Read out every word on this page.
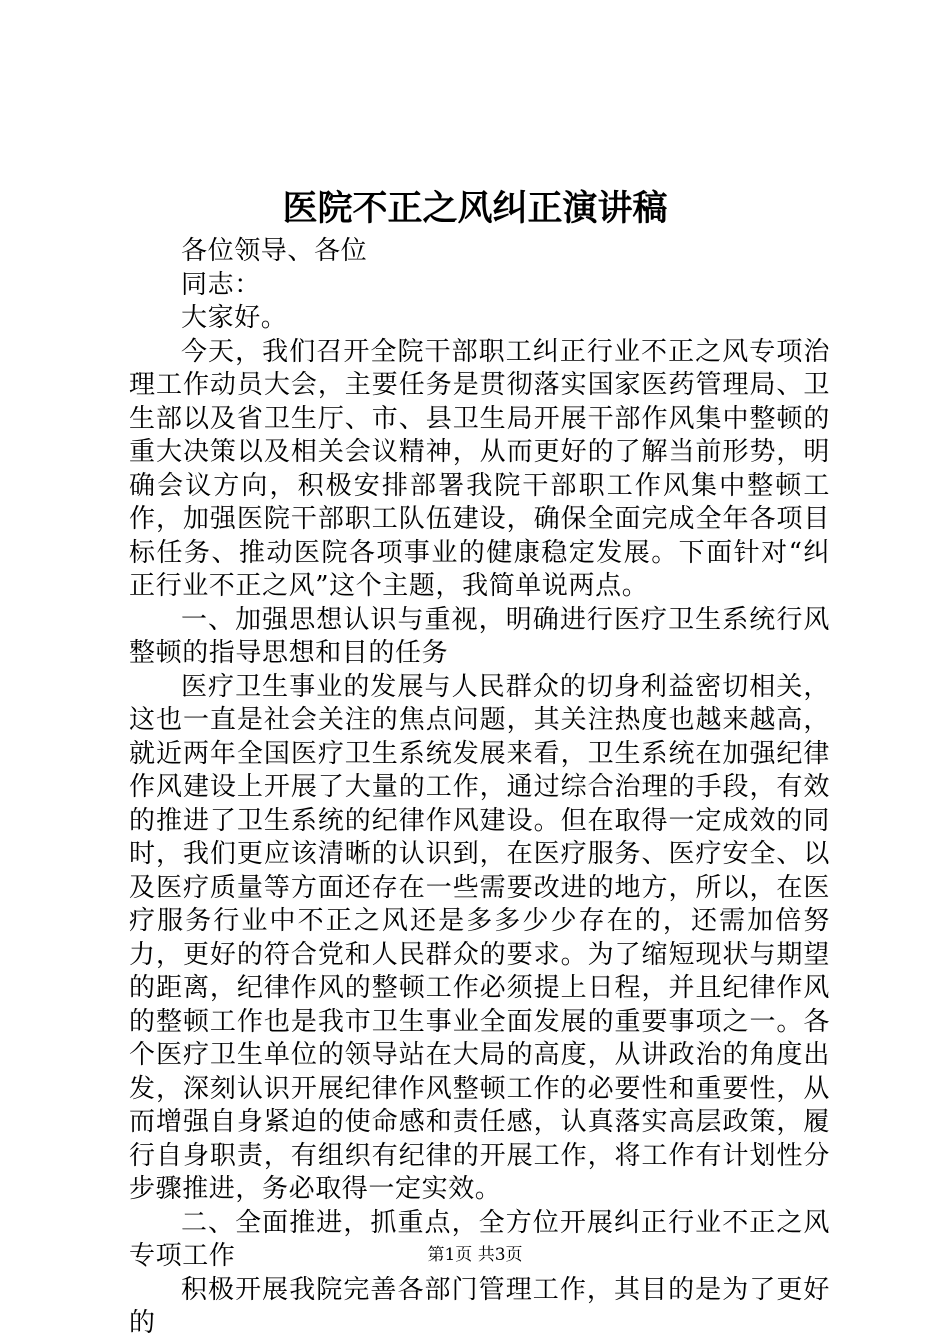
医院不正之风纠正演讲稿

各位领导、各位

同志：

大家好。

今天，我们召开全院干部职工纠正行业不正之风专项治理工作动员大会，主要任务是贯彻落实国家医药管理局、卫生部以及省卫生厅、市、县卫生局开展干部作风集中整顿的重大决策以及相关会议精神，从而更好的了解当前形势，明确会议方向，积极安排部署我院干部职工作风集中整顿工作，加强医院干部职工队伍建设，确保全面完成全年各项目标任务、推动医院各项事业的健康稳定发展。下面针对“纠正行业不正之风”这个主题，我简单说两点。

一、加强思想认识与重视，明确进行医疗卫生系统行风整顿的指导思想和目的任务

医疗卫生事业的发展与人民群众的切身利益密切相关，这也一直是社会关注的焦点问题，其关注热度也越来越高，就近两年全国医疗卫生系统发展来看，卫生系统在加强纪律作风建设上开展了大量的工作，通过综合治理的手段，有效的推进了卫生系统的纪律作风建设。但在取得一定成效的同时，我们更应该清晰的认识到，在医疗服务、医疗安全、以及医疗质量等方面还存在一些需要改进的地方，所以，在医疗服务行业中不正之风还是多多少少存在的，还需加倍努力，更好的符合党和人民群众的要求。为了缩短现状与期望的距离，纪律作风的整顿工作必须提上日程，并且纪律作风的整顿工作也是我市卫生事业全面发展的重要事项之一。各个医疗卫生单位的领导站在大局的高度，从讲政治的角度出发，深刻认识开展纪律作风整顿工作的必要性和重要性，从而增强自身紧迫的使命感和责任感，认真落实高层政策，履行自身职责，有组织有纪律的开展工作，将工作有计划性分步骤推进，务必取得一定实效。

二、全面推进，抓重点，全方位开展纠正行业不正之风专项工作

积极开展我院完善各部门管理工作，其目的是为了更好的

第1页 共3页
